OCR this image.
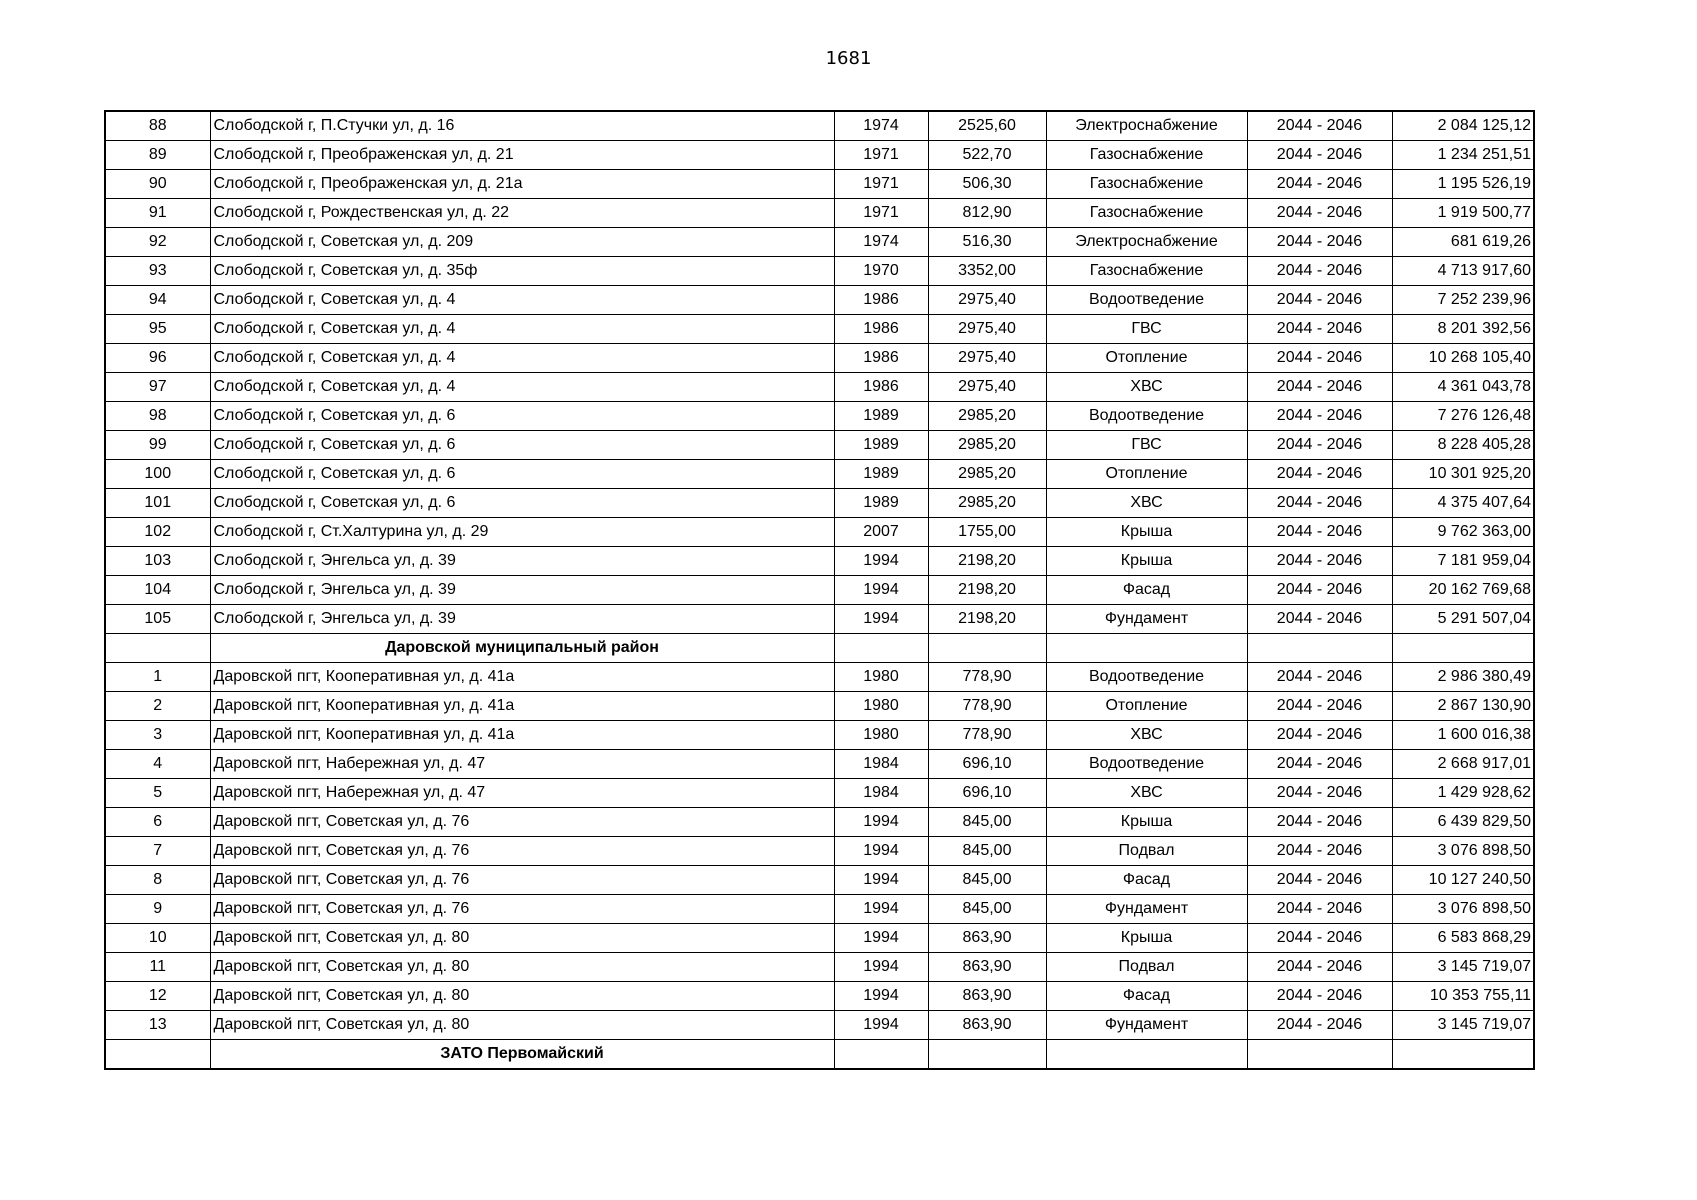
1681
88	Слободской г, П.Стучки ул, д. 16	1974	2525,60	Электроснабжение	2044 - 2046	2 084 125,12
89	Слободской г, Преображенская ул, д. 21	1971	522,70	Газоснабжение	2044 - 2046	1 234 251,51
90	Слободской г, Преображенская ул, д. 21а	1971	506,30	Газоснабжение	2044 - 2046	1 195 526,19
91	Слободской г, Рождественская ул, д. 22	1971	812,90	Газоснабжение	2044 - 2046	1 919 500,77
92	Слободской г, Советская ул, д. 209	1974	516,30	Электроснабжение	2044 - 2046	681 619,26
93	Слободской г, Советская ул, д. 35ф	1970	3352,00	Газоснабжение	2044 - 2046	4 713 917,60
94	Слободской г, Советская ул, д. 4	1986	2975,40	Водоотведение	2044 - 2046	7 252 239,96
95	Слободской г, Советская ул, д. 4	1986	2975,40	ГВС	2044 - 2046	8 201 392,56
96	Слободской г, Советская ул, д. 4	1986	2975,40	Отопление	2044 - 2046	10 268 105,40
97	Слободской г, Советская ул, д. 4	1986	2975,40	ХВС	2044 - 2046	4 361 043,78
98	Слободской г, Советская ул, д. 6	1989	2985,20	Водоотведение	2044 - 2046	7 276 126,48
99	Слободской г, Советская ул, д. 6	1989	2985,20	ГВС	2044 - 2046	8 228 405,28
100	Слободской г, Советская ул, д. 6	1989	2985,20	Отопление	2044 - 2046	10 301 925,20
101	Слободской г, Советская ул, д. 6	1989	2985,20	ХВС	2044 - 2046	4 375 407,64
102	Слободской г, Ст.Халтурина ул, д. 29	2007	1755,00	Крыша	2044 - 2046	9 762 363,00
103	Слободской г, Энгельса ул, д. 39	1994	2198,20	Крыша	2044 - 2046	7 181 959,04
104	Слободской г, Энгельса ул, д. 39	1994	2198,20	Фасад	2044 - 2046	20 162 769,68
105	Слободской г, Энгельса ул, д. 39	1994	2198,20	Фундамент	2044 - 2046	5 291 507,04
	Даровской муниципальный район					
1	Даровской пгт, Кооперативная ул, д. 41а	1980	778,90	Водоотведение	2044 - 2046	2 986 380,49
2	Даровской пгт, Кооперативная ул, д. 41а	1980	778,90	Отопление	2044 - 2046	2 867 130,90
3	Даровской пгт, Кооперативная ул, д. 41а	1980	778,90	ХВС	2044 - 2046	1 600 016,38
4	Даровской пгт, Набережная ул, д. 47	1984	696,10	Водоотведение	2044 - 2046	2 668 917,01
5	Даровской пгт, Набережная ул, д. 47	1984	696,10	ХВС	2044 - 2046	1 429 928,62
6	Даровской пгт, Советская ул, д. 76	1994	845,00	Крыша	2044 - 2046	6 439 829,50
7	Даровской пгт, Советская ул, д. 76	1994	845,00	Подвал	2044 - 2046	3 076 898,50
8	Даровской пгт, Советская ул, д. 76	1994	845,00	Фасад	2044 - 2046	10 127 240,50
9	Даровской пгт, Советская ул, д. 76	1994	845,00	Фундамент	2044 - 2046	3 076 898,50
10	Даровской пгт, Советская ул, д. 80	1994	863,90	Крыша	2044 - 2046	6 583 868,29
11	Даровской пгт, Советская ул, д. 80	1994	863,90	Подвал	2044 - 2046	3 145 719,07
12	Даровской пгт, Советская ул, д. 80	1994	863,90	Фасад	2044 - 2046	10 353 755,11
13	Даровской пгт, Советская ул, д. 80	1994	863,90	Фундамент	2044 - 2046	3 145 719,07
	ЗАТО Первомайский					
